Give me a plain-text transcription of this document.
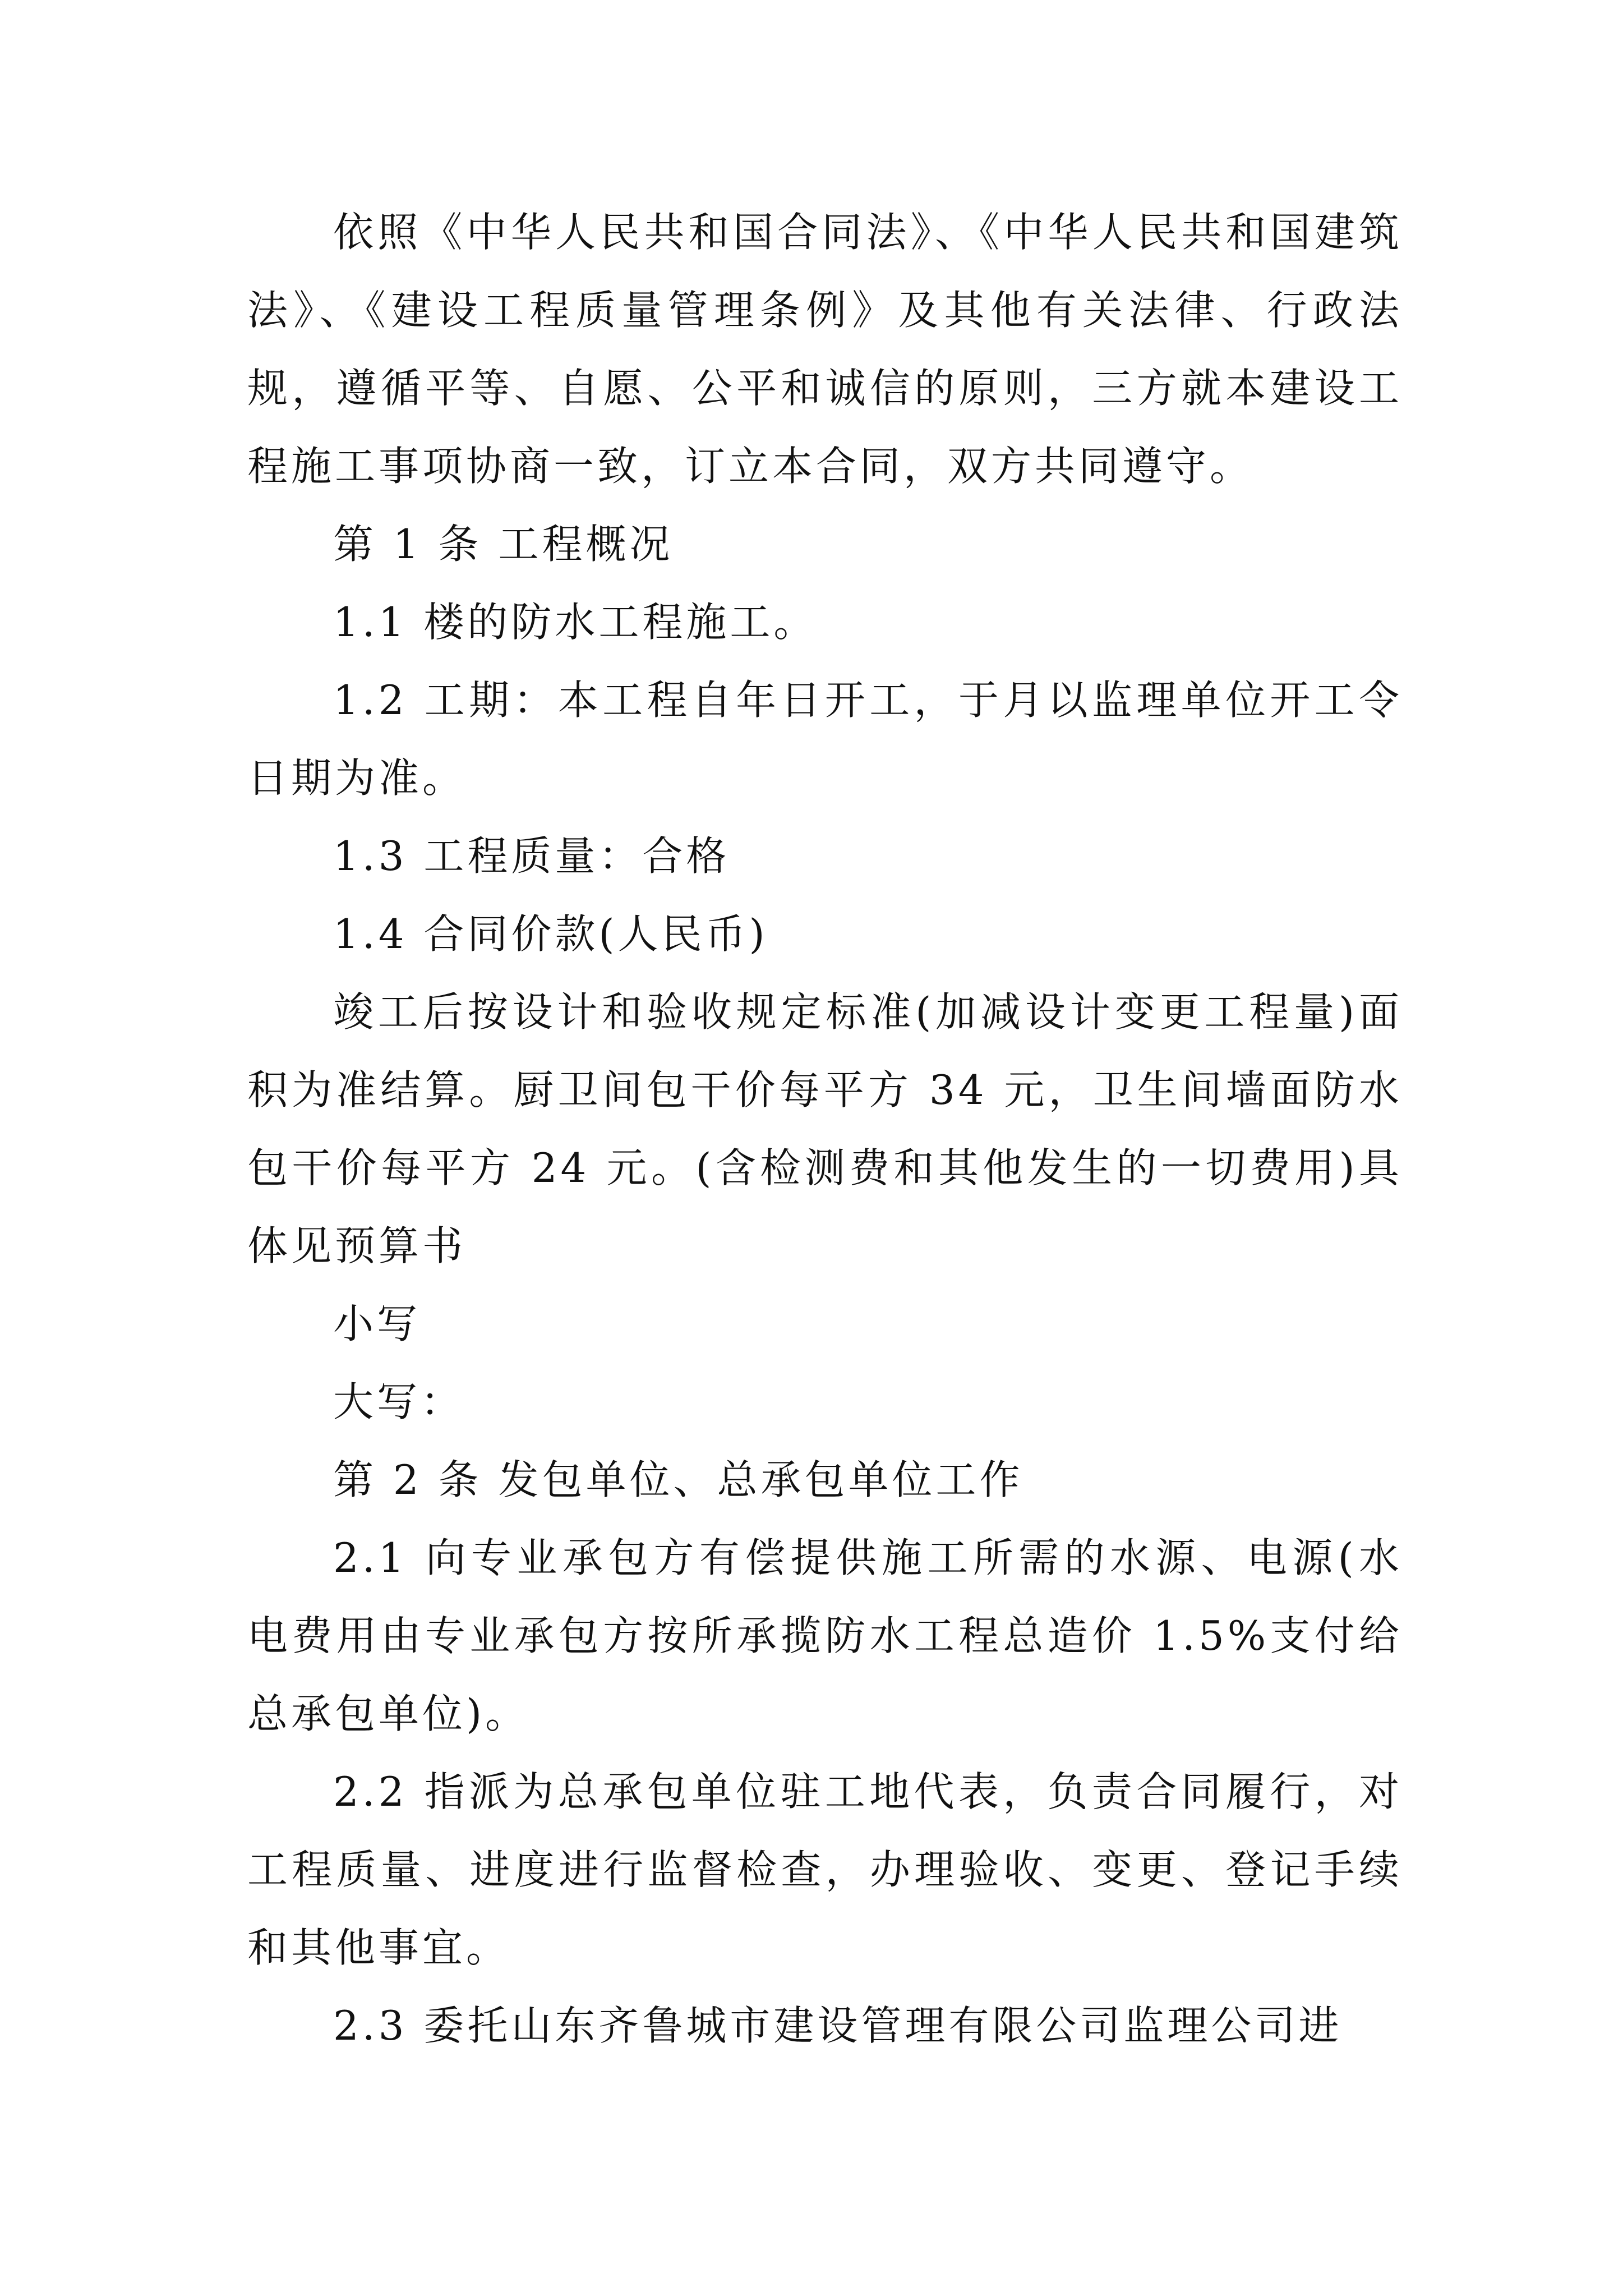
依照《中华人民共和国合同法》、《中华人民共和国建筑法》、《建设工程质量管理条例》及其他有关法律、行政法规，遵循平等、自愿、公平和诚信的原则，三方就本建设工程施工事项协商一致，订立本合同，双方共同遵守。

第 1 条 工程概况

1.1 楼的防水工程施工。

1.2 工期：本工程自年日开工，于月以监理单位开工令日期为准。

1.3 工程质量：合格

1.4 合同价款(人民币)

竣工后按设计和验收规定标准(加减设计变更工程量)面积为准结算。厨卫间包干价每平方 34 元，卫生间墙面防水包干价每平方 24 元。(含检测费和其他发生的一切费用)具体见预算书

小写

大写：

第 2 条 发包单位、总承包单位工作

2.1 向专业承包方有偿提供施工所需的水源、电源(水电费用由专业承包方按所承揽防水工程总造价 1.5%支付给总承包单位)。

2.2 指派为总承包单位驻工地代表，负责合同履行，对工程质量、进度进行监督检查，办理验收、变更、登记手续和其他事宜。

2.3 委托山东齐鲁城市建设管理有限公司监理公司进
